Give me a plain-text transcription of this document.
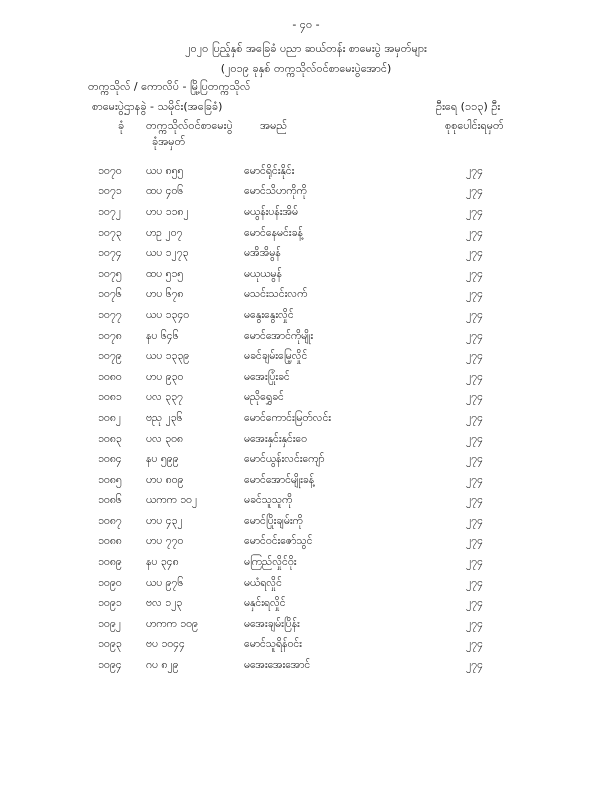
- ၄၀ -
၂၀၂၀ ပြည့်နှစ် အခြေခံ ပညာ ဆယ်တန်း စာမေးပွဲ အမှတ်များ
(၂၀၁၉ ခုနှစ် တက္ကသိုလ်ဝင်စာမေးပွဲအောင်)
တက္ကသိုလ် / ကောလိပ် - မြို့ပြတက္ကသိုလ်
စာမေးပွဲဌာနခွဲ - သမိုင်း(အခြေခံ)	ဦးရေ (၁၁၃) ဦး
ခုံ တက္ကသိုလ်ဝင်စာမေးပွဲ
ခုံအမှတ်
အမည်	စုစုပေါင်းရမှတ်
၁၀၇၀	ယပ ၈၅၅	မောင်ရိုင်းနိုင်း	၂၇၄
၁၀၇၁	ထပ ၄၀၆	မောင်သိဟကိုကို	၂၇၄
၁၀၇၂	ဟပ ၁၁၈၂	မယွန်းပန်းအိမ်	၂၇၄
၁၀၇၃	ဟဥ ၂၀၇	မောင်နေမင်းခန့်	၂၇၄
၁၀၇၄	ယပ ၁၂၇၃	မအိအိမွန်	၂၇၄
၁၀၇၅	ထပ ၅၁၅	မယုယမွန်	၂၇၄
၁၀၇၆	ဟပ ၆၇၈	မသင်းသင်းလက်	၂၇၄
၁၀၇၇	ယပ ၁၃၄၀	မနွေးနွေးလှိုင်	၂၇၄
၁၀၇၈	နပ ၆၄၆	မောင်အောင်ကိုမျိုး	၂၇၄
၁၀၇၉	ယပ ၁၃၃၉	မခင်ချမ်းမြေ့လှိုင်	၂၇၄
၁၀၈၀	ဟပ ၉၃၀	မအေးပြုံးခင်	၂၇၄
၁၀၈၁	ပလ ၃၃၇	မညိုရွှေခင်	၂၇၄
၁၀၈၂	ဗညု ၂၃၆	မောင်ကောင်းမြတ်လင်း	၂၇၄
၁၀၈၃	ပလ ၃၀၈	မအေးနှင်းနှင်းဝေ	၂၇၄
၁၀၈၄	နပ ၅၉၉	မောင်ယွန်းလင်းကျော်	၂၇၄
၁၀၈၅	ဟပ ၈၀၉	မောင်အောင်မျိုးခန့်	၂၇၄
၁၀၈၆	ယကက ၁၀၂	မခင်သူသူကို	၂၇၄
၁၀၈၇	ဟပ ၄၃၂	မောင်ပြိုးချမ်းကို	၂၇၄
၁၀၈၈	ဟပ ၇၇၀	မောင်ဝင်းဇော်သွင်	၂၇၄
၁၀၈၉	နပ ၃၄၈	မကြည်လှိုင်ဝိုး	၂၇၄
၁၀၉၀	ယပ ၉၇၆	မယံရလှိုင်	၂၇၄
၁၀၉၁	ဗလ ၁၂၃	မနှင်းရလှိုင်	၂၇၄
၁၀၉၂	ဟကက ၁၀၉	မအေးချမ်းပြိန်း	၂၇၄
၁၀၉၃	ဗပ ၁၀၄၄	မောင်သူရိန်ဝင်း	၂၇၄
၁၀၉၄	ဂပ ၈၂၉	မအေးအေးအောင်	၂၇၄
